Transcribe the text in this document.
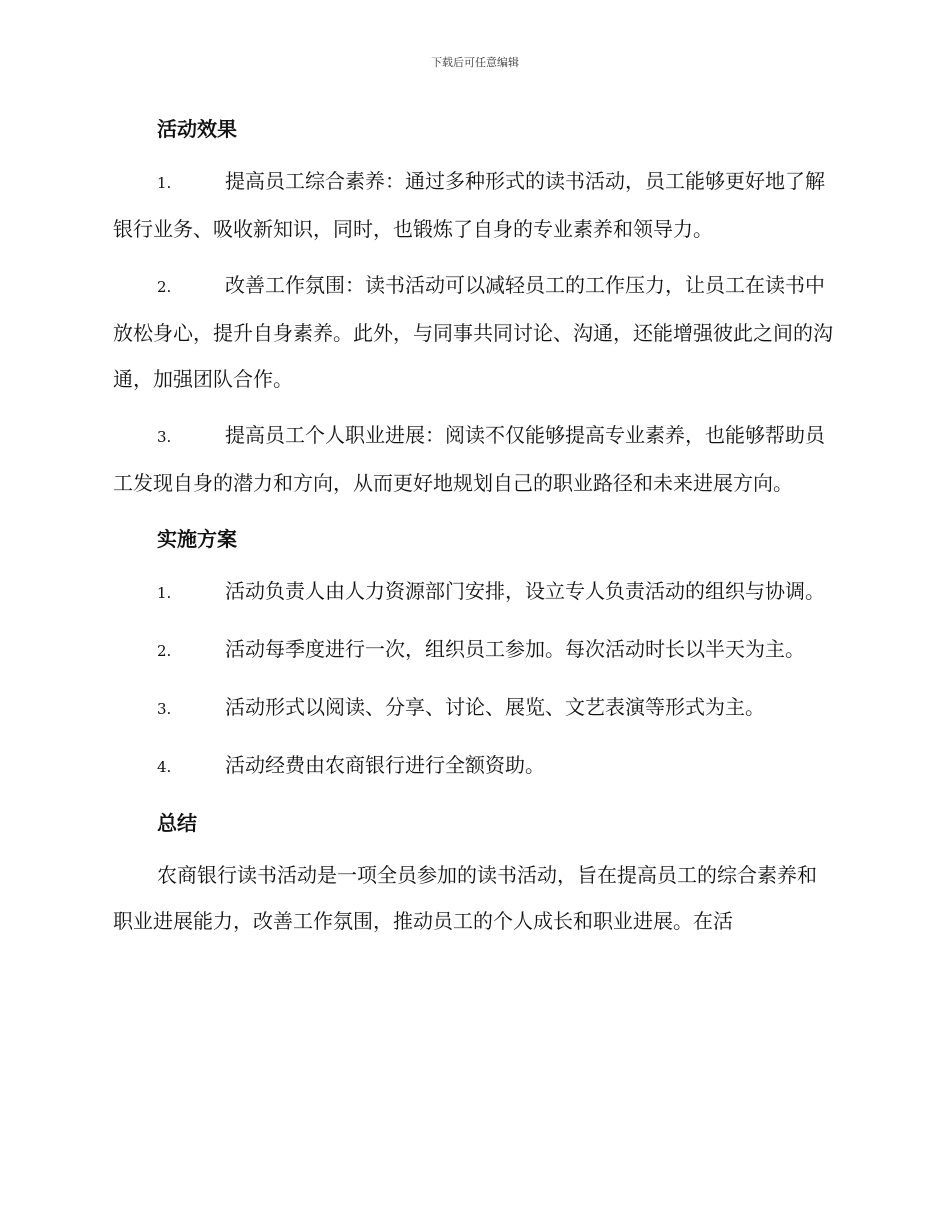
下载后可任意编辑
活动效果

1.	提高员工综合素养：通过多种形式的读书活动，员工能够更好地了解银行业务、吸收新知识，同时，也锻炼了自身的专业素养和领导力。

2.	改善工作氛围：读书活动可以减轻员工的工作压力，让员工在读书中放松身心，提升自身素养。此外，与同事共同讨论、沟通，还能增强彼此之间的沟通，加强团队合作。

3.	提高员工个人职业进展：阅读不仅能够提高专业素养，也能够帮助员工发现自身的潜力和方向，从而更好地规划自己的职业路径和未来进展方向。

实施方案

1.	活动负责人由人力资源部门安排，设立专人负责活动的组织与协调。

2.	活动每季度进行一次，组织员工参加。每次活动时长以半天为主。

3.	活动形式以阅读、分享、讨论、展览、文艺表演等形式为主。

4.	活动经费由农商银行进行全额资助。

总结

农商银行读书活动是一项全员参加的读书活动，旨在提高员工的综合素养和职业进展能力，改善工作氛围，推动员工的个人成长和职业进展。在活
